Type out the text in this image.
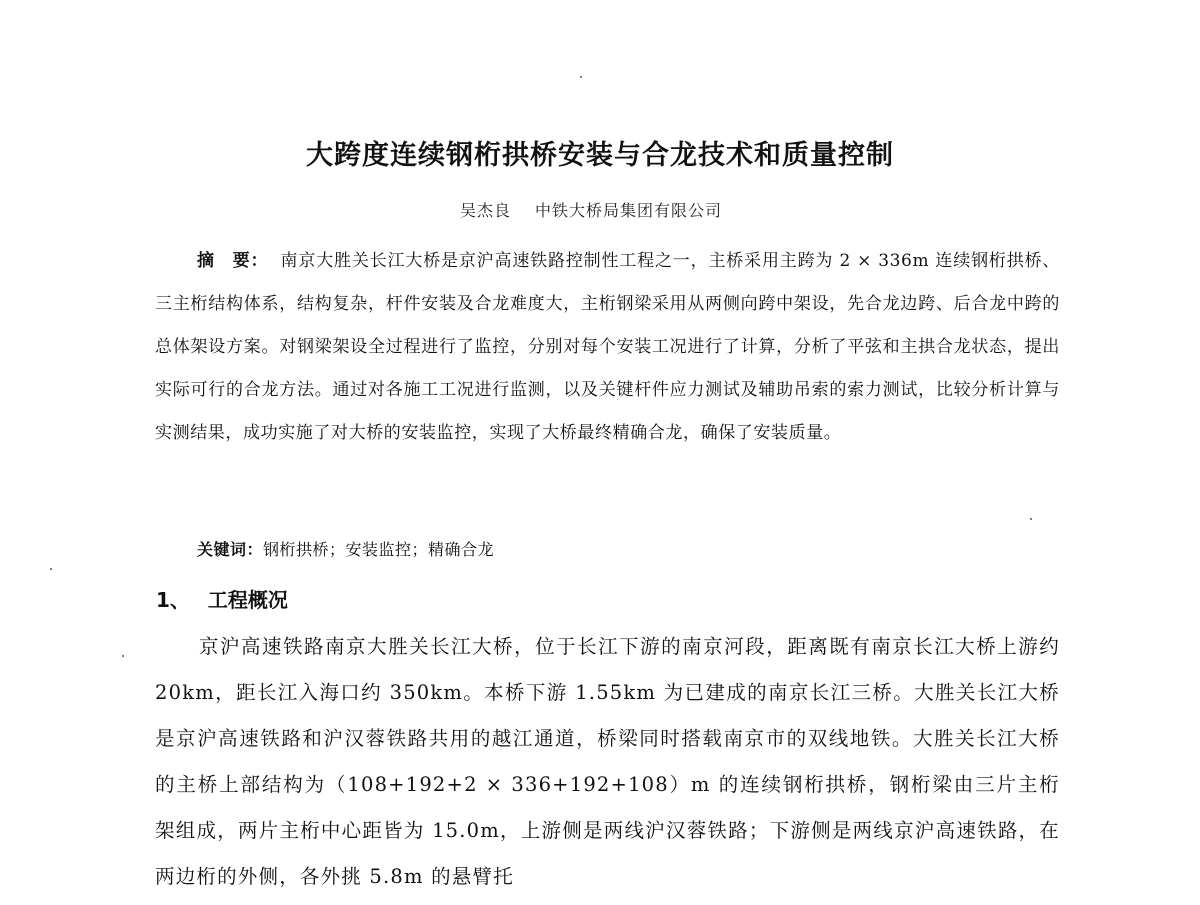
大跨度连续钢桁拱桥安装与合龙技术和质量控制
吴杰良 中铁大桥局集团有限公司
摘　要： 南京大胜关长江大桥是京沪高速铁路控制性工程之一，主桥采用主跨为 2 × 336m 连续钢桁拱桥、三主桁结构体系，结构复杂，杆件安装及合龙难度大，主桁钢梁采用从两侧向跨中架设，先合龙边跨、后合龙中跨的总体架设方案。对钢梁架设全过程进行了监控，分别对每个安装工况进行了计算，分析了平弦和主拱合龙状态，提出实际可行的合龙方法。通过对各施工工况进行监测，以及关键杆件应力测试及辅助吊索的索力测试，比较分析计算与实测结果，成功实施了对大桥的安装监控，实现了大桥最终精确合龙，确保了安装质量。
关键词：钢桁拱桥；安装监控；精确合龙
1、 工程概况
京沪高速铁路南京大胜关长江大桥，位于长江下游的南京河段，距离既有南京长江大桥上游约 20km，距长江入海口约 350km。本桥下游 1.55km 为已建成的南京长江三桥。大胜关长江大桥是京沪高速铁路和沪汉蓉铁路共用的越江通道，桥梁同时搭载南京市的双线地铁。大胜关长江大桥的主桥上部结构为（108+192+2 × 336+192+108）m 的连续钢桁拱桥，钢桁梁由三片主桁架组成，两片主桁中心距皆为 15.0m，上游侧是两线沪汉蓉铁路；下游侧是两线京沪高速铁路，在两边桁的外侧，各外挑 5.8m 的悬臂托
